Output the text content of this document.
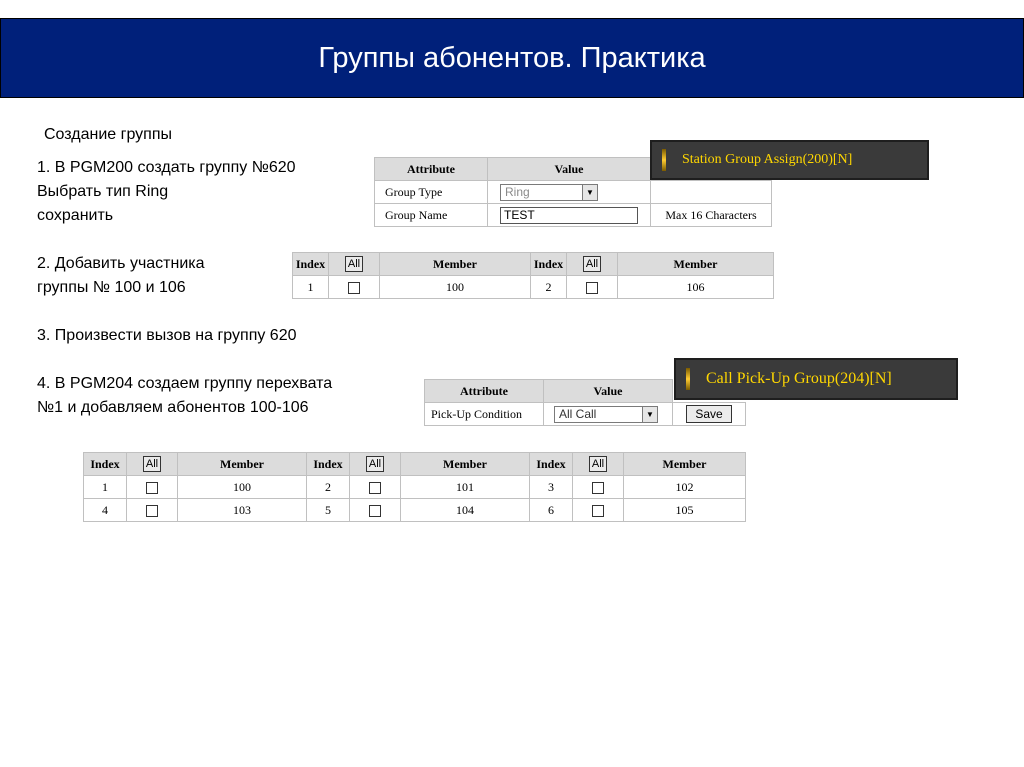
Группы абонентов. Практика
Создание группы
1. В PGM200 создать группу №620
Выбрать тип Ring
сохранить
2. Добавить участника
группы № 100 и 106
3. Произвести вызов на группу 620
4. В PGM204 создаем группу перехвата
№1 и добавляем абонентов 100-106
Attribute	Value	
Group Type	Ring ▼	

Group Name	TEST	Max 16 Characters
Station Group Assign(200)[N]
Index	All	Member	Index	All	Member
1		100	2		106
Attribute	Value	
Pick-Up Condition	All Call ▼	Save
Call Pick-Up Group(204)[N]
Index	All	Member	Index	All	Member	Index	All	Member
1		100	2		101	3		102
4		103	5		104	6		105
